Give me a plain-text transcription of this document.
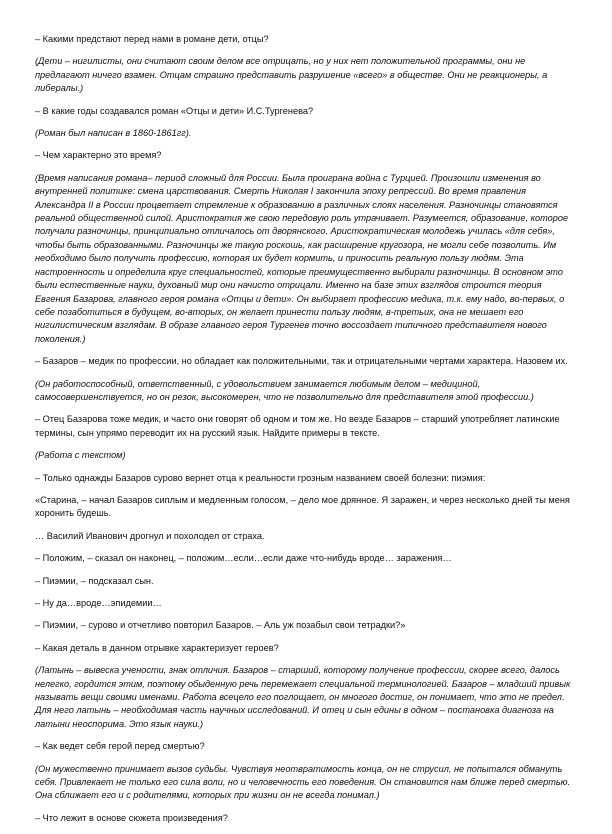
– Какими предстают перед нами в романе дети, отцы?

(Дети – нигилисты, они считают своим делом все отрицать, но у них нет положительной программы, они не предлагают ничего взамен. Отцам страшно представить разрушение «всего» в обществе. Они не реакционеры, а либералы.)

– В какие годы создавался роман «Отцы и дети» И.С.Тургенева?

(Роман был написан в 1860-1861гг).

– Чем характерно это время?

(Время написания романа– период сложный для России. Была проиграна война с Турцией. Произошли изменения во внутренней политике: смена царствования. Смерть Николая I закончила эпоху репрессий. Во время правления Александра II в России процветает стремление к образованию в различных слоях населения. Разночинцы становятся реальной общественной силой. Аристократия же свою передовую роль утрачивает. Разумеется, образование, которое получали разночинцы, принципиально отличалось от дворянского. Аристократическая молодежь училась «для себя», чтобы быть образованными. Разночинцы же такую роскошь, как расширение кругозора, не могли себе позволить. Им необходимо было получить профессию, которая их будет кормить, и приносить реальную пользу людям. Эта настроенность и определила круг специальностей, которые преимущественно выбирали разночинцы. В основном это были естественные науки, духовный мир они начисто отрицали. Именно на базе этих взглядов строится теория Евгения Базарова, главного героя романа «Отцы и дети». Он выбирает профессию медика, т.к. ему надо, во-первых, о себе позаботиться в будущем, во-вторых, он желает принести пользу людям, в-третьих, она не мешает его нигилистическим взглядам. В образе главного героя Тургенев точно воссоздает типичного представителя нового поколения.)

– Базаров – медик по профессии, но обладает как положительными, так и отрицательными чертами характера. Назовем их.

(Он работоспособный, ответственный, с удовольствием занимается любимым делом – медициной, самосовершенствуется, но он резок, высокомерен, что не позволительно для представителя этой профессии.)

– Отец Базарова тоже медик, и часто они говорят об одном и том же. Но везде Базаров – старший употребляет латинские термины, сын упрямо переводит их на русский язык. Найдите примеры в тексте.

(Работа с текстом)

– Только однажды Базаров сурово вернет отца к реальности грозным названием своей болезни: пиэмия:

«Старина, – начал Базаров сиплым и медленным голосом, – дело мое дрянное. Я заражен, и через несколько дней ты меня хоронить будешь.

… Василий Иванович дрогнул и похолодел от страха.

– Положим, – сказал он наконец, – положим…если…если даже что-нибудь вроде… заражения…

– Пиэмии, – подсказал сын.

– Ну да…вроде…эпидемии…

– Пиэмии, – сурово и отчетливо повторил Базаров. – Аль уж позабыл свои тетрадки?»

– Какая деталь в данном отрывке характеризует героев?

(Латынь – вывеска учености, знак отличия. Базаров – старший, которому получение профессии, скорее всего, далось нелегко, гордится этим, поэтому обыденную речь перемежает специальной терминологией. Базаров – младший привык называть вещи своими именами. Работа всецело его поглощает, он многого достиг, он понимает, что это не предел. Для него латынь – необходимая часть научных исследований. И отец и сын едины в одном – постановка диагноза на латыни неоспорима. Это язык науки.)

– Как ведет себя герой перед смертью?

(Он мужественно принимает вызов судьбы. Чувствуя неотвратимость конца, он не струсил, не попытался обмануть себя. Привлекает не только его сила воли, но и человечность его поведения. Он становится нам ближе перед смертью. Она сближает его и с родителями, которых при жизни он не всегда понимал.)

– Что лежит в основе сюжета произведения?
